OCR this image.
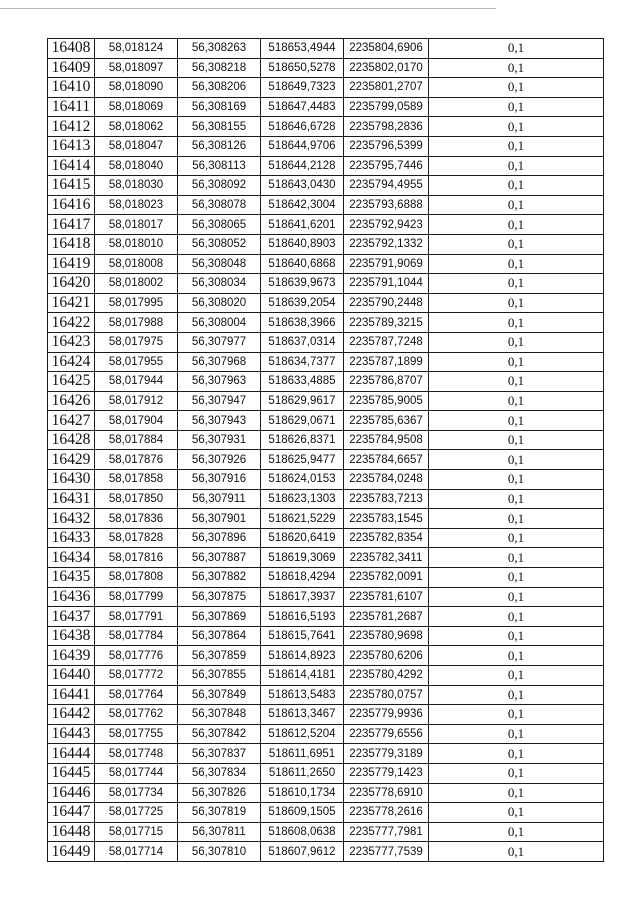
16408	58,018124	56,308263	518653,4944	2235804,6906	0,1
16409	58,018097	56,308218	518650,5278	2235802,0170	0,1
16410	58,018090	56,308206	518649,7323	2235801,2707	0,1
16411	58,018069	56,308169	518647,4483	2235799,0589	0,1
16412	58,018062	56,308155	518646,6728	2235798,2836	0,1
16413	58,018047	56,308126	518644,9706	2235796,5399	0,1
16414	58,018040	56,308113	518644,2128	2235795,7446	0,1
16415	58,018030	56,308092	518643,0430	2235794,4955	0,1
16416	58,018023	56,308078	518642,3004	2235793,6888	0,1
16417	58,018017	56,308065	518641,6201	2235792,9423	0,1
16418	58,018010	56,308052	518640,8903	2235792,1332	0,1
16419	58,018008	56,308048	518640,6868	2235791,9069	0,1
16420	58,018002	56,308034	518639,9673	2235791,1044	0,1
16421	58,017995	56,308020	518639,2054	2235790,2448	0,1
16422	58,017988	56,308004	518638,3966	2235789,3215	0,1
16423	58,017975	56,307977	518637,0314	2235787,7248	0,1
16424	58,017955	56,307968	518634,7377	2235787,1899	0,1
16425	58,017944	56,307963	518633,4885	2235786,8707	0,1
16426	58,017912	56,307947	518629,9617	2235785,9005	0,1
16427	58,017904	56,307943	518629,0671	2235785,6367	0,1
16428	58,017884	56,307931	518626,8371	2235784,9508	0,1
16429	58,017876	56,307926	518625,9477	2235784,6657	0,1
16430	58,017858	56,307916	518624,0153	2235784,0248	0,1
16431	58,017850	56,307911	518623,1303	2235783,7213	0,1
16432	58,017836	56,307901	518621,5229	2235783,1545	0,1
16433	58,017828	56,307896	518620,6419	2235782,8354	0,1
16434	58,017816	56,307887	518619,3069	2235782,3411	0,1
16435	58,017808	56,307882	518618,4294	2235782,0091	0,1
16436	58,017799	56,307875	518617,3937	2235781,6107	0,1
16437	58,017791	56,307869	518616,5193	2235781,2687	0,1
16438	58,017784	56,307864	518615,7641	2235780,9698	0,1
16439	58,017776	56,307859	518614,8923	2235780,6206	0,1
16440	58,017772	56,307855	518614,4181	2235780,4292	0,1
16441	58,017764	56,307849	518613,5483	2235780,0757	0,1
16442	58,017762	56,307848	518613,3467	2235779,9936	0,1
16443	58,017755	56,307842	518612,5204	2235779,6556	0,1
16444	58,017748	56,307837	518611,6951	2235779,3189	0,1
16445	58,017744	56,307834	518611,2650	2235779,1423	0,1
16446	58,017734	56,307826	518610,1734	2235778,6910	0,1
16447	58,017725	56,307819	518609,1505	2235778,2616	0,1
16448	58,017715	56,307811	518608,0638	2235777,7981	0,1
16449	58,017714	56,307810	518607,9612	2235777,7539	0,1
